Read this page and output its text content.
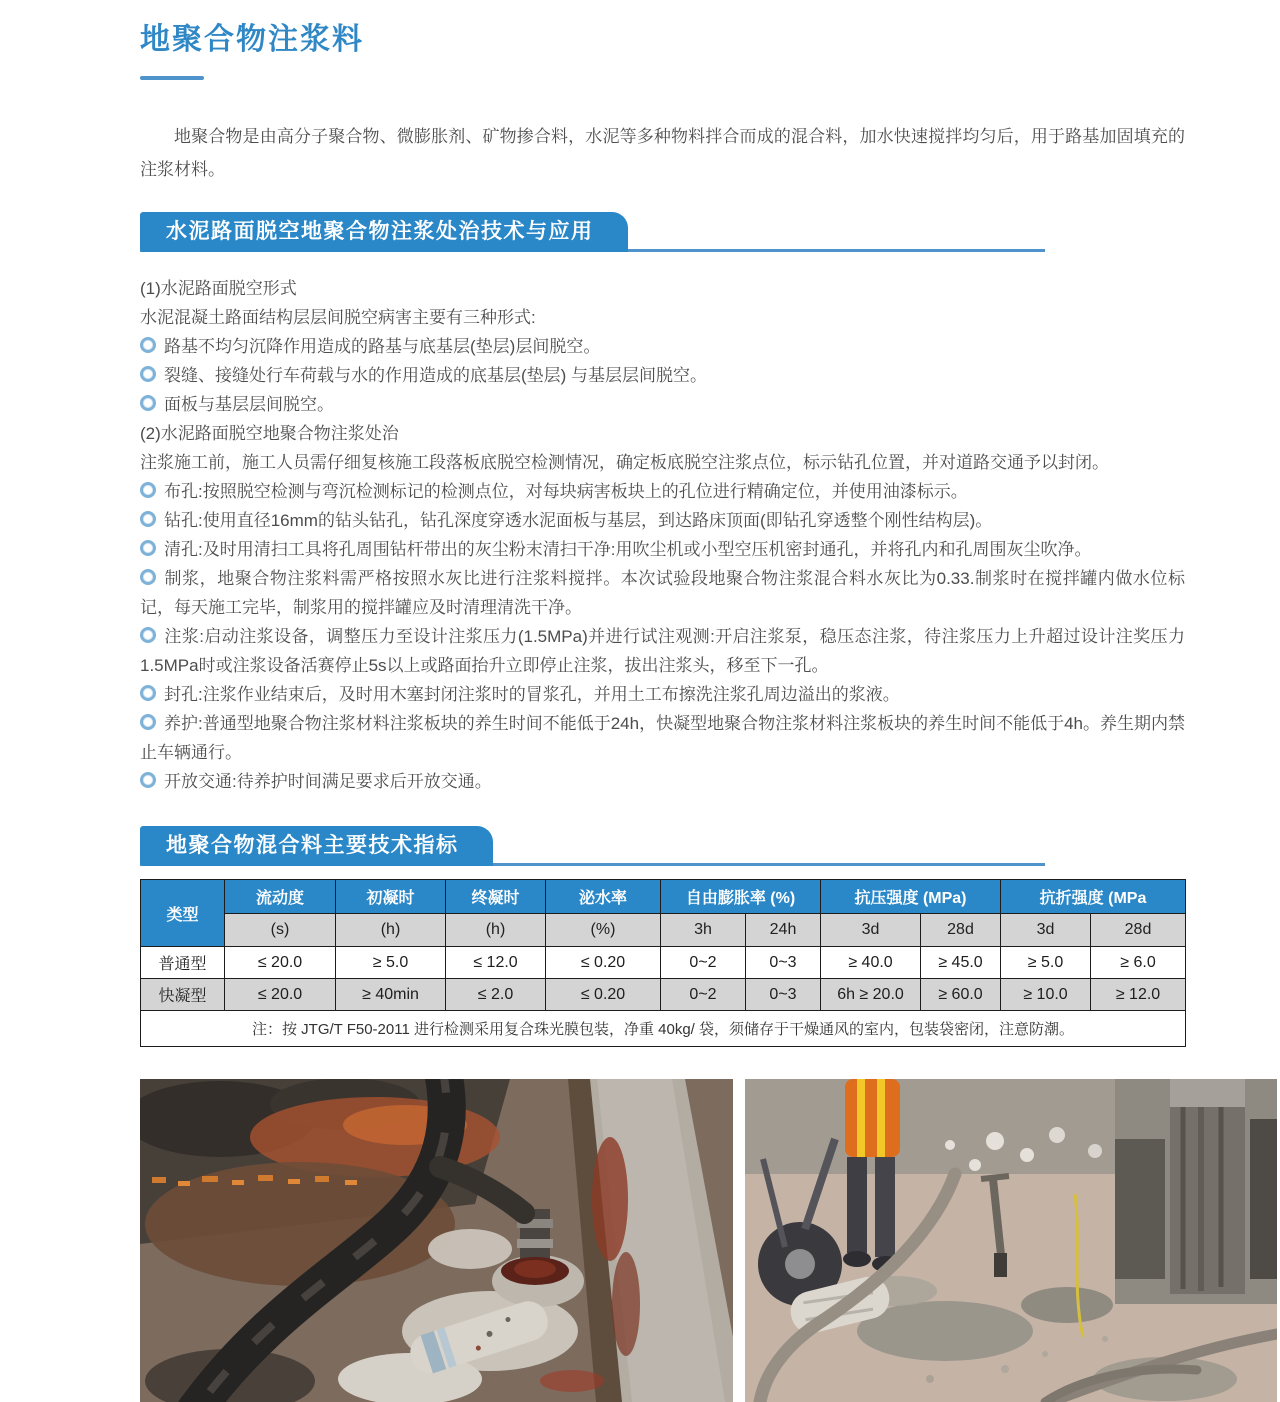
地聚合物注浆料

地聚合物是由高分子聚合物、微膨胀剂、矿物掺合料，水泥等多种物料拌合而成的混合料，加水快速搅拌均匀后，用于路基加固填充的注浆材料。

水泥路面脱空地聚合物注浆处治技术与应用
(1)水泥路面脱空形式
水泥混凝土路面结构层层间脱空病害主要有三种形式:
路基不均匀沉降作用造成的路基与底基层(垫层)层间脱空。
裂缝、接缝处行车荷载与水的作用造成的底基层(垫层) 与基层层间脱空。
面板与基层层间脱空。
(2)水泥路面脱空地聚合物注浆处治
注浆施工前，施工人员需仔细复核施工段落板底脱空检测情况，确定板底脱空注浆点位，标示钻孔位置，并对道路交通予以封闭。
布孔:按照脱空检测与弯沉检测标记的检测点位，对每块病害板块上的孔位进行精确定位，并使用油漆标示。
钻孔:使用直径16mm的钻头钻孔，钻孔深度穿透水泥面板与基层，到达路床顶面(即钻孔穿透整个刚性结构层)。
清孔:及时用清扫工具将孔周围钻杆带出的灰尘粉末清扫干净:用吹尘机或小型空压机密封通孔，并将孔内和孔周围灰尘吹净。
制浆，地聚合物注浆料需严格按照水灰比进行注浆料搅拌。本次试验段地聚合物注浆混合料水灰比为0.33.制浆时在搅拌罐内做水位标记，每天施工完毕，制浆用的搅拌罐应及时清理清洗干净。
注浆:启动注浆设备，调整压力至设计注浆压力(1.5MPa)并进行试注观测:开启注浆泵，稳压态注浆，待注浆压力上升超过设计注奖压力1.5MPa时或注浆设备活赛停止5s以上或路面抬升立即停止注浆，拔出注浆头，移至下一孔。
封孔:注浆作业结束后，及时用木塞封闭注浆时的冒浆孔，并用土工布擦洗注浆孔周边溢出的浆液。
养护:普通型地聚合物注浆材料注浆板块的养生时间不能低于24h，快凝型地聚合物注浆材料注浆板块的养生时间不能低于4h。养生期内禁止车辆通行。
开放交通:待养护时间满足要求后开放交通。
地聚合物混合料主要技术指标
类型	流动度	初凝时	终凝时	泌水率	自由膨胀率 (%)		抗压强度 (MPa)		抗折强度 (MPa	
	(s)	(h)	(h)	(%)	3h	24h	3d	28d	3d	28d
普通型	≤ 20.0	≥ 5.0	≤ 12.0	≤ 0.20	0~2	0~3	≥ 40.0	≥ 45.0	≥ 5.0	≥ 6.0
快凝型	≤ 20.0	≥ 40min	≤ 2.0	≤ 0.20	0~2	0~3	6h ≥ 20.0	≥ 60.0	≥ 10.0	≥ 12.0
注：按 JTG/T F50-2011 进行检测采用复合珠光膜包装，净重 40kg/ 袋，须储存于干燥通风的室内，包装袋密闭，注意防潮。										
